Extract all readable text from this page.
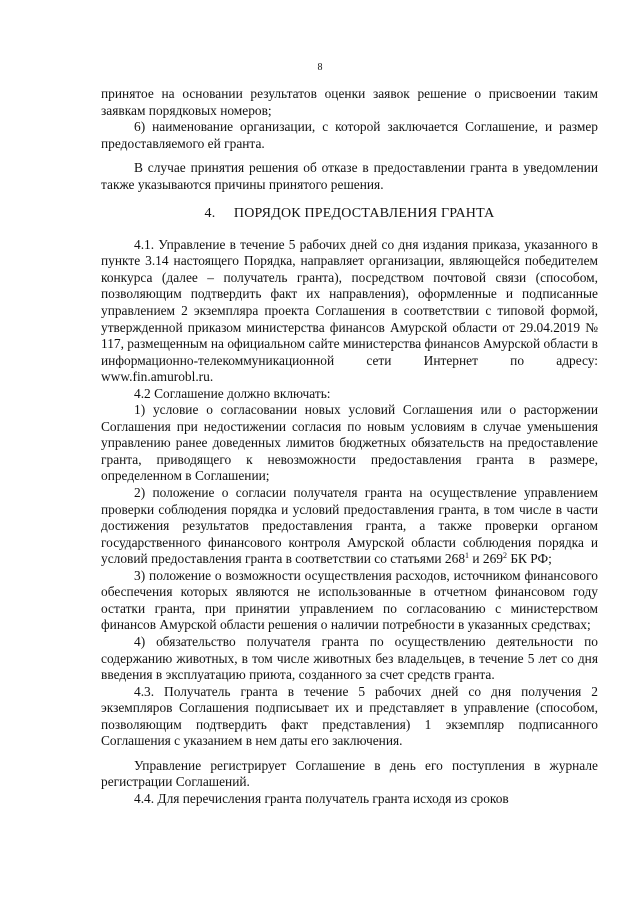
8

принятое на основании результатов оценки заявок решение о присвоении таким заявкам порядковых номеров;

6) наименование организации, с которой заключается Соглашение, и размер предоставляемого ей гранта.

В случае принятия решения об отказе в предоставлении гранта в уведомлении также указываются причины принятого решения.

4.     ПОРЯДОК ПРЕДОСТАВЛЕНИЯ ГРАНТА

4.1. Управление в течение 5 рабочих дней со дня издания приказа, указанного в пункте 3.14 настоящего Порядка, направляет организации, являющейся победителем конкурса (далее – получатель гранта), посредством почтовой связи (способом, позволяющим подтвердить факт их направления), оформленные и подписанные управлением 2 экземпляра проекта Соглашения в соответствии с типовой формой, утвержденной приказом министерства финансов Амурской области от 29.04.2019 № 117, размещенным на официальном сайте министерства финансов Амурской области в информационно-телекоммуникационной сети Интернет по адресу: www.fin.amurobl.ru.

4.2 Соглашение должно включать:

1) условие о согласовании новых условий Соглашения или о расторжении Соглашения при недостижении согласия по новым условиям в случае уменьшения управлению ранее доведенных лимитов бюджетных обязательств на предоставление гранта, приводящего к невозможности предоставления гранта в размере, определенном в Соглашении;

2) положение о согласии получателя гранта на осуществление управлением проверки соблюдения порядка и условий предоставления гранта, в том числе в части достижения результатов предоставления гранта, а также проверки органом государственного финансового контроля Амурской области соблюдения порядка и условий предоставления гранта в соответствии со статьями $268^1$ и $269^2$ БК РФ;

3) положение о возможности осуществления расходов, источником финансового обеспечения которых являются не использованные в отчетном финансовом году остатки гранта, при принятии управлением по согласованию с министерством финансов Амурской области решения о наличии потребности в указанных средствах;

4) обязательство получателя гранта по осуществлению деятельности по содержанию животных, в том числе животных без владельцев, в течение 5 лет со дня введения в эксплуатацию приюта, созданного за счет средств гранта.

4.3. Получатель гранта в течение 5 рабочих дней со дня получения 2 экземпляров Соглашения подписывает их и представляет в управление (способом, позволяющим подтвердить факт представления) 1 экземпляр подписанного Соглашения с указанием в нем даты его заключения.

Управление регистрирует Соглашение в день его поступления в журнале регистрации Соглашений.

4.4. Для перечисления гранта получатель гранта исходя из сроков
